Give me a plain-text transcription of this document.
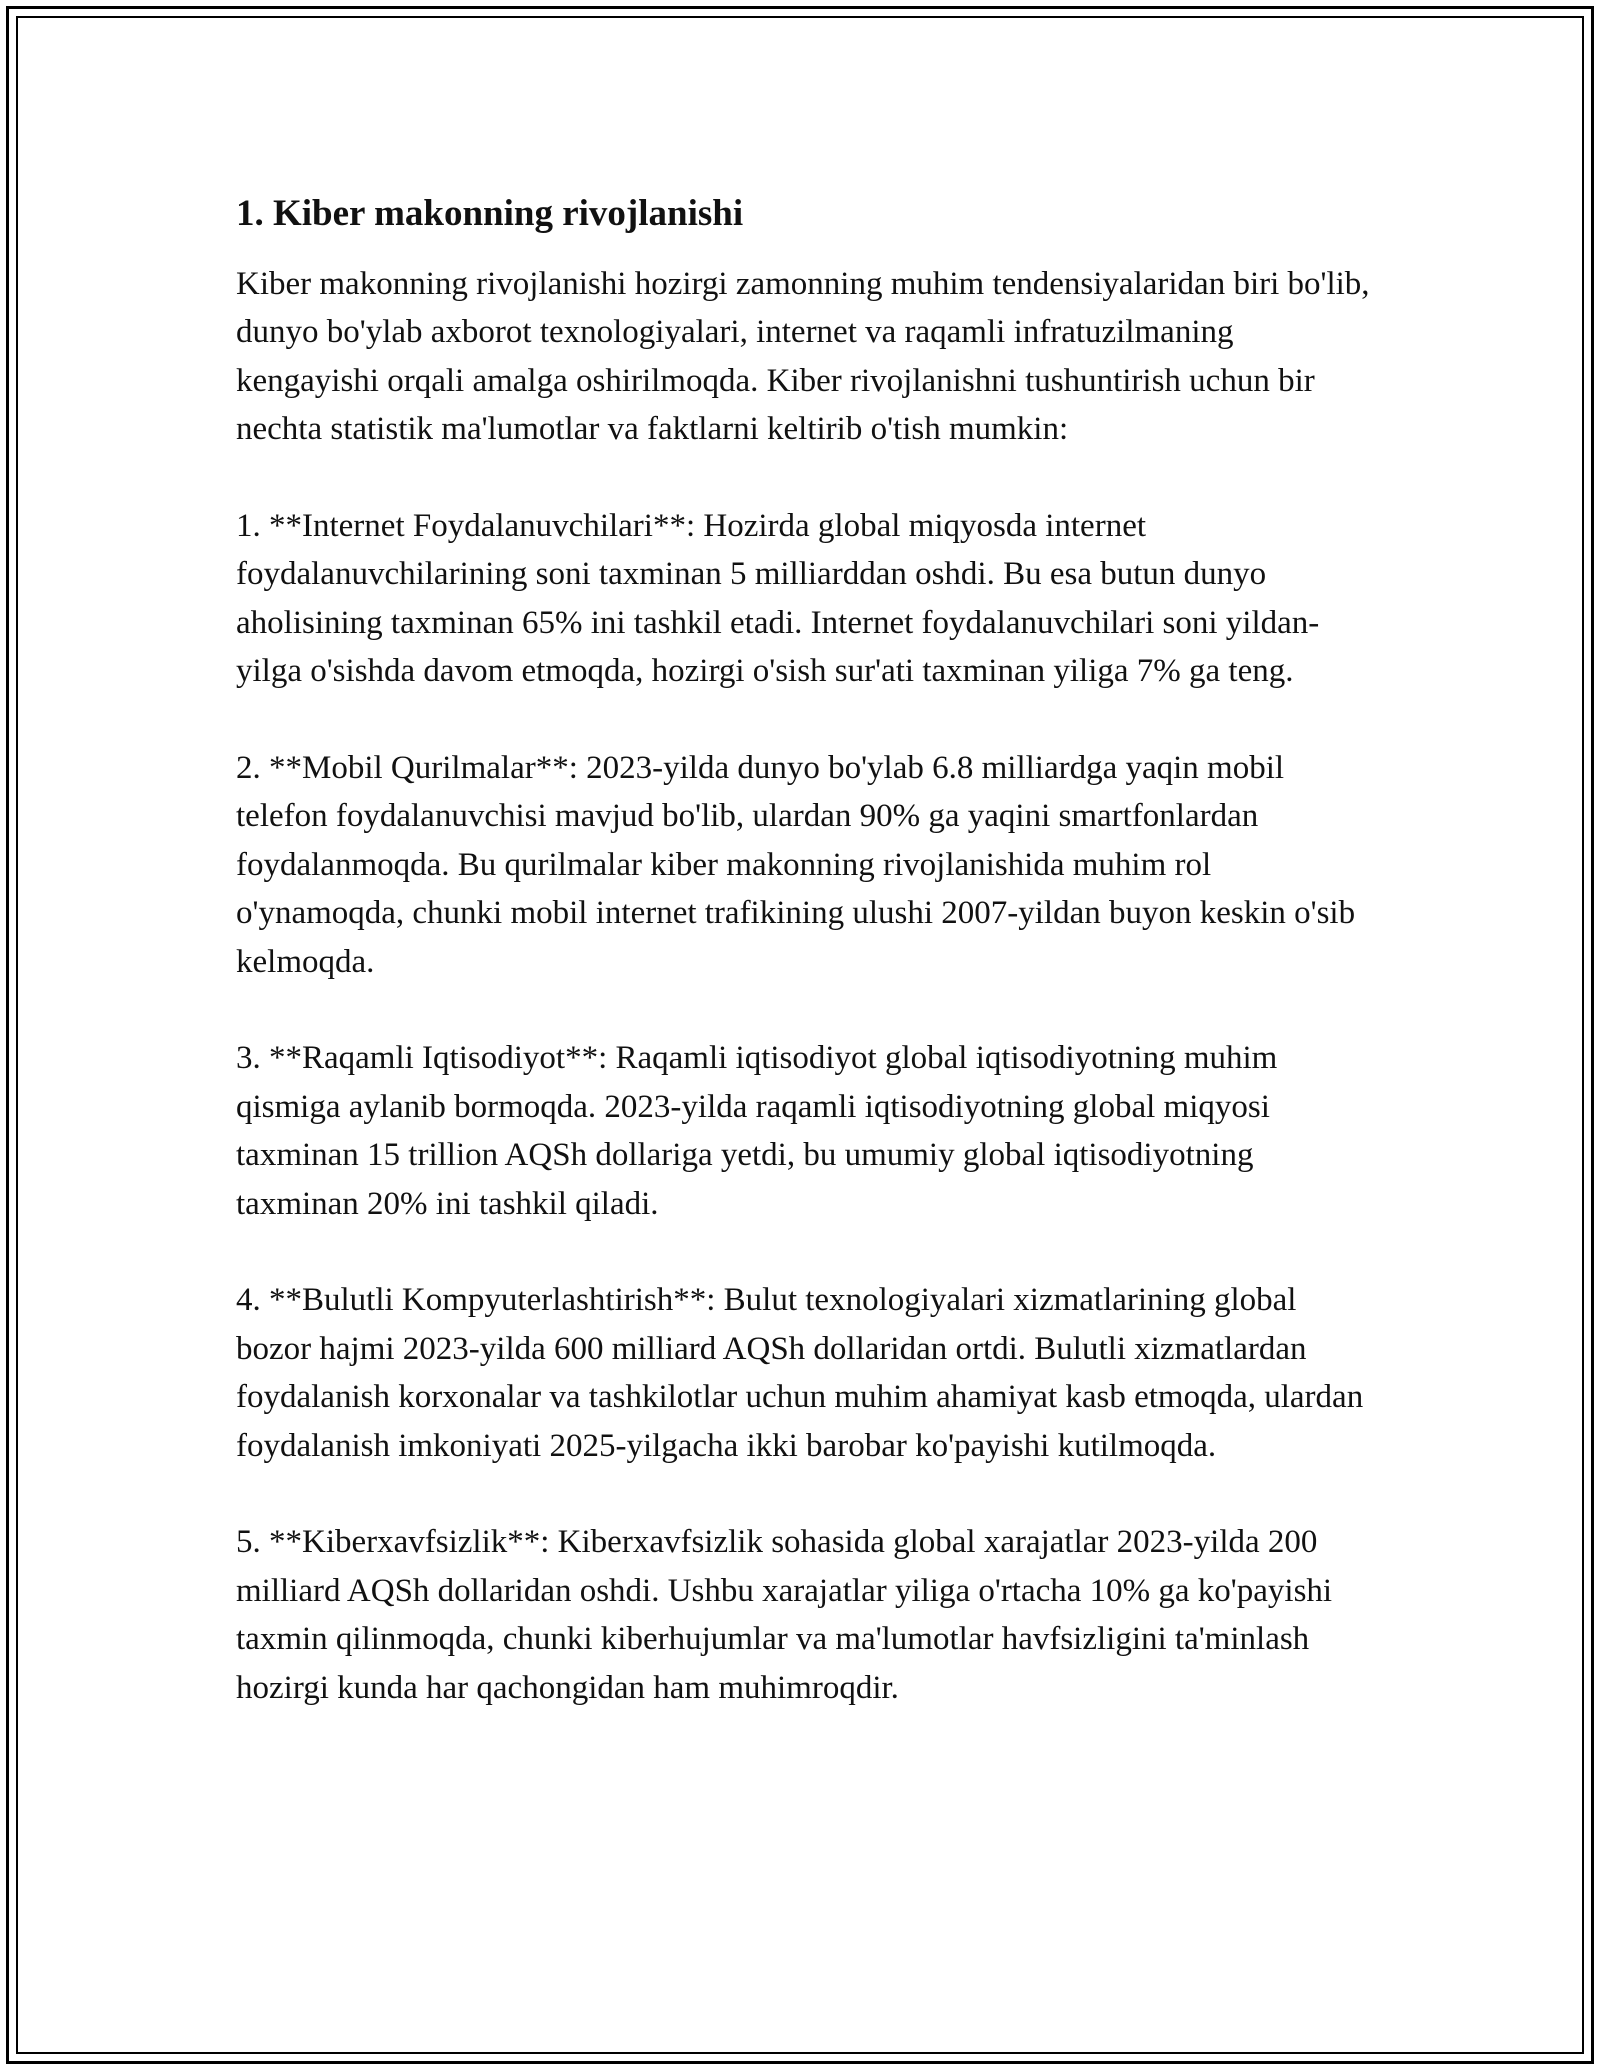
1. Kiber makonning rivojlanishi

Kiber makonning rivojlanishi hozirgi zamonning muhim tendensiyalaridan biri bo'lib, dunyo bo'ylab axborot texnologiyalari, internet va raqamli infratuzilmaning kengayishi orqali amalga oshirilmoqda. Kiber rivojlanishni tushuntirish uchun bir nechta statistik ma'lumotlar va faktlarni keltirib o'tish mumkin:

1. **Internet Foydalanuvchilari**: Hozirda global miqyosda internet foydalanuvchilarining soni taxminan 5 milliarddan oshdi. Bu esa butun dunyo aholisining taxminan 65% ini tashkil etadi. Internet foydalanuvchilari soni yildan-yilga o'sishda davom etmoqda, hozirgi o'sish sur'ati taxminan yiliga 7% ga teng.

2. **Mobil Qurilmalar**: 2023-yilda dunyo bo'ylab 6.8 milliardga yaqin mobil telefon foydalanuvchisi mavjud bo'lib, ulardan 90% ga yaqini smartfonlardan foydalanmoqda. Bu qurilmalar kiber makonning rivojlanishida muhim rol o'ynamoqda, chunki mobil internet trafikining ulushi 2007-yildan buyon keskin o'sib kelmoqda.

3. **Raqamli Iqtisodiyot**: Raqamli iqtisodiyot global iqtisodiyotning muhim qismiga aylanib bormoqda. 2023-yilda raqamli iqtisodiyotning global miqyosi taxminan 15 trillion AQSh dollariga yetdi, bu umumiy global iqtisodiyotning taxminan 20% ini tashkil qiladi.

4. **Bulutli Kompyuterlashtirish**: Bulut texnologiyalari xizmatlarining global bozor hajmi 2023-yilda 600 milliard AQSh dollaridan ortdi. Bulutli xizmatlardan foydalanish korxonalar va tashkilotlar uchun muhim ahamiyat kasb etmoqda, ulardan foydalanish imkoniyati 2025-yilgacha ikki barobar ko'payishi kutilmoqda.

5. **Kiberxavfsizlik**: Kiberxavfsizlik sohasida global xarajatlar 2023-yilda 200 milliard AQSh dollaridan oshdi. Ushbu xarajatlar yiliga o'rtacha 10% ga ko'payishi taxmin qilinmoqda, chunki kiberhujumlar va ma'lumotlar havfsizligini ta'minlash hozirgi kunda har qachongidan ham muhimroqdir.
